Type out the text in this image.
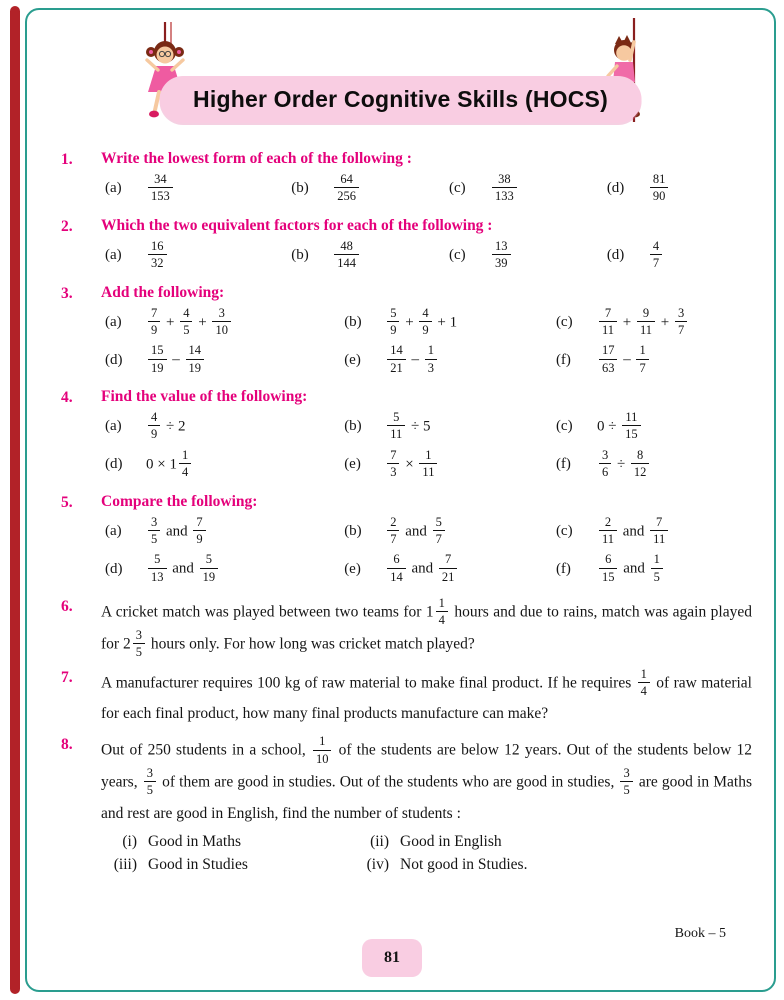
Higher Order Cognitive Skills (HOCS)
1.	Write the lowest form of each of the following :

(a)	$\frac{34}{153}$	(b)	$\frac{64}{256}$	(c)	$\frac{38}{133}$	(d)	$\frac{81}{90}$
2.	Which the two equivalent factors for each of the following :

(a)	$\frac{16}{32}$	(b)	$\frac{48}{144}$	(c)	$\frac{13}{39}$	(d)	$\frac{4}{7}$
3.	Add the following:

(a)	$\frac{7}{9} + \frac{4}{5} + \frac{3}{10}$	(b)	$\frac{5}{9} + \frac{4}{9} + 1$	(c)	$\frac{7}{11} + \frac{9}{11} + \frac{3}{7}$
(d)	$\frac{15}{19} - \frac{14}{19}$	(e)	$\frac{14}{21} - \frac{1}{3}$	(f)	$\frac{17}{63} - \frac{1}{7}$
4.	Find the value of the following:

(a)	$\frac{4}{9} \div 2$	(b)	$\frac{5}{11} \div 5$	(c)	$0 \div \frac{11}{15}$
(d)	$0 \times 1 \frac{1}{4}$	(e)	$\frac{7}{3} \times \frac{1}{11}$	(f)	$\frac{3}{6} \div \frac{8}{12}$
5.	Compare the following:

(a)	$\frac{3}{5}$ and $\frac{7}{9}$	(b)	$\frac{2}{7}$ and $\frac{5}{7}$	(c)	$\frac{2}{11}$ and $\frac{7}{11}$
(d)	$\frac{5}{13}$ and $\frac{5}{19}$	(e)	$\frac{6}{14}$ and $\frac{7}{21}$	(f)	$\frac{6}{15}$ and $\frac{1}{5}$
6.	A cricket match was played between two teams for $1 \frac{1}{4}$ hours and due to rains, match was again played for $2 \frac{3}{5}$ hours only. For how long was cricket match played?
7.	A manufacturer requires 100 kg of raw material to make final product. If he requires $\frac{1}{4}$ of raw material for each final product, how many final products manufacture can make?
8.	Out of 250 students in a school, $\frac{1}{10}$ of the students are below 12 years. Out of the students below 12 years, $\frac{3}{5}$ of them are good in studies. Out of the students who are good in studies, $\frac{3}{5}$ are good in Maths and rest are good in English, find the number of students :
(i) Good in Maths	(ii) Good in English
(iii) Good in Studies	(iv) Not good in Studies.
Book – 5
81
